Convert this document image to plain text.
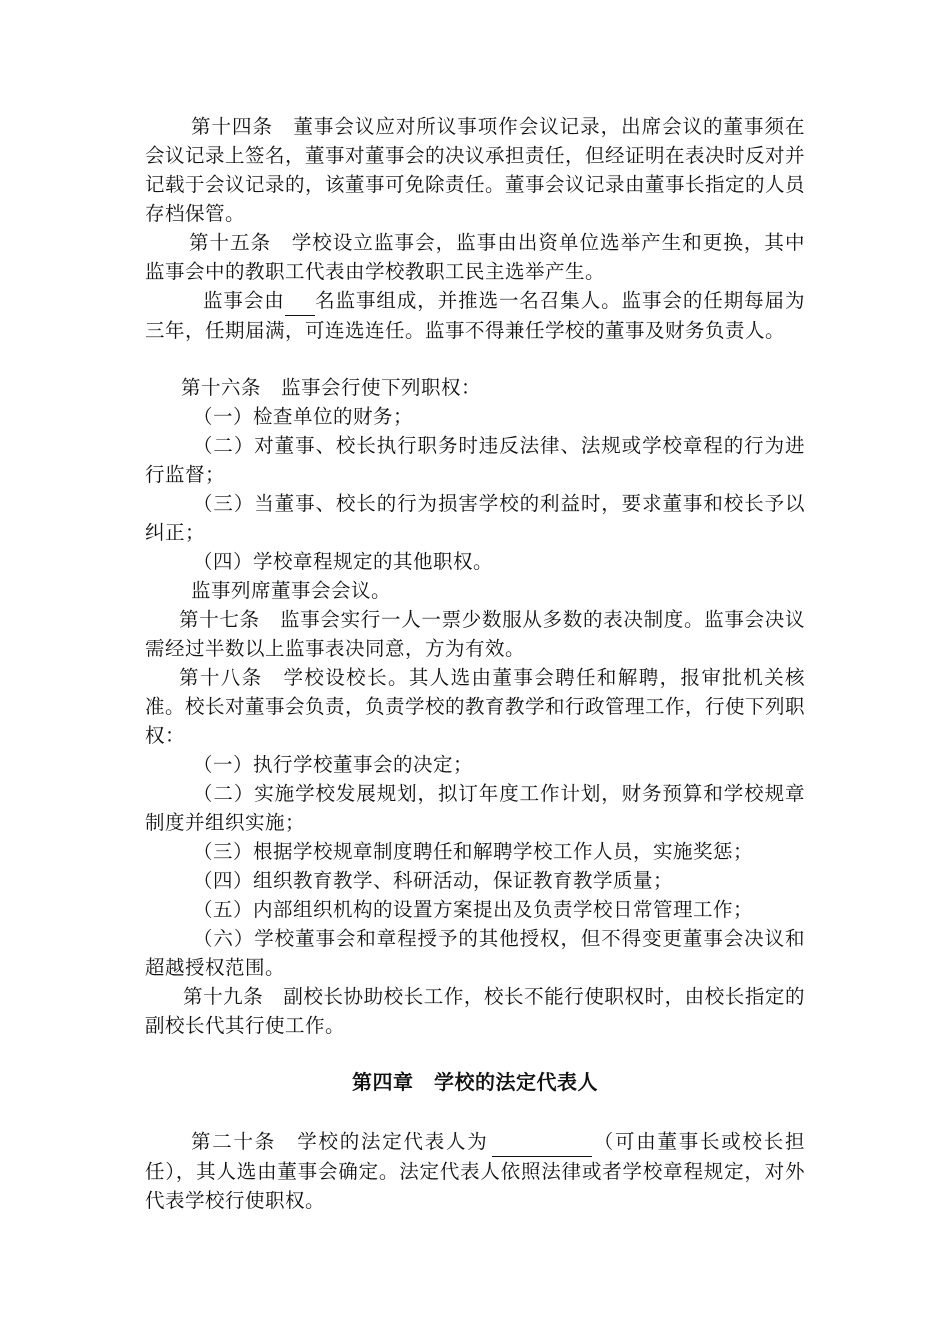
第十四条　董事会议应对所议事项作会议记录，出席会议的董事须在会议记录上签名，董事对董事会的决议承担责任，但经证明在表决时反对并记载于会议记录的，该董事可免除责任。董事会议记录由董事长指定的人员存档保管。

第十五条　学校设立监事会，监事由出资单位选举产生和更换，其中监事会中的教职工代表由学校教职工民主选举产生。

监事会由 名监事组成，并推选一名召集人。监事会的任期每届为三年，任期届满，可连选连任。监事不得兼任学校的董事及财务负责人。

第十六条　监事会行使下列职权：

（一）检查单位的财务；

（二）对董事、校长执行职务时违反法律、法规或学校章程的行为进行监督；

（三）当董事、校长的行为损害学校的利益时，要求董事和校长予以纠正；

（四）学校章程规定的其他职权。

监事列席董事会会议。

第十七条　监事会实行一人一票少数服从多数的表决制度。监事会决议需经过半数以上监事表决同意，方为有效。

第十八条　学校设校长。其人选由董事会聘任和解聘，报审批机关核准。校长对董事会负责，负责学校的教育教学和行政管理工作，行使下列职权：

（一）执行学校董事会的决定；

（二）实施学校发展规划，拟订年度工作计划，财务预算和学校规章制度并组织实施；

（三）根据学校规章制度聘任和解聘学校工作人员，实施奖惩；

（四）组织教育教学、科研活动，保证教育教学质量；

（五）内部组织机构的设置方案提出及负责学校日常管理工作；

（六）学校董事会和章程授予的其他授权，但不得变更董事会决议和超越授权范围。

第十九条　副校长协助校长工作，校长不能行使职权时，由校长指定的副校长代其行使工作。

第四章　学校的法定代表人

第二十条　学校的法定代表人为	（可由董事长或校长担任），其人选由董事会确定。法定代表人依照法律或者学校章程规定，对外代表学校行使职权。
